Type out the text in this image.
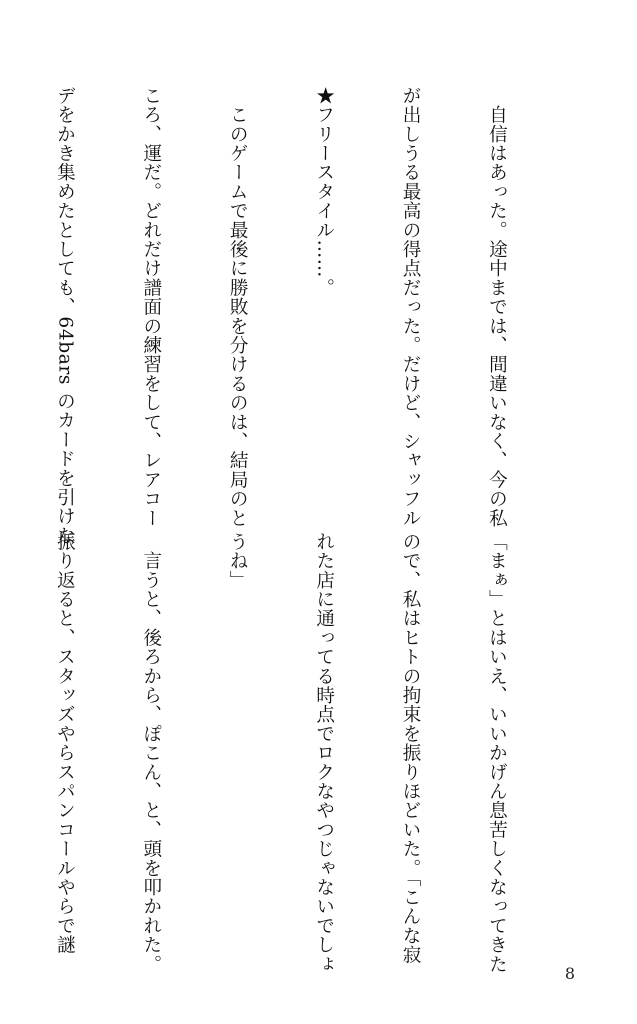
　自信はあった。途中までは、間違いなく、今の私

が出しうる最高の得点だった。だけど、シャッフル

★フリースタイル……。

　このゲームで最後に勝敗を分けるのは、結局のと

ころ、運だ。どれだけ譜面の練習をして、レアコー

デをかき集めたとしても、64bars のカードを引けな

「まぁ」とはいえ、いいかげん息苦しくなってきた

ので、私はヒトの拘束を振りほどいた。「こんな寂

れた店に通ってる時点でロクなやつじゃないでしょ

うね」

　言うと、後ろから、ぽこん、と、頭を叩かれた。

振り返ると、スタッズやらスパンコールやらで謎

8
